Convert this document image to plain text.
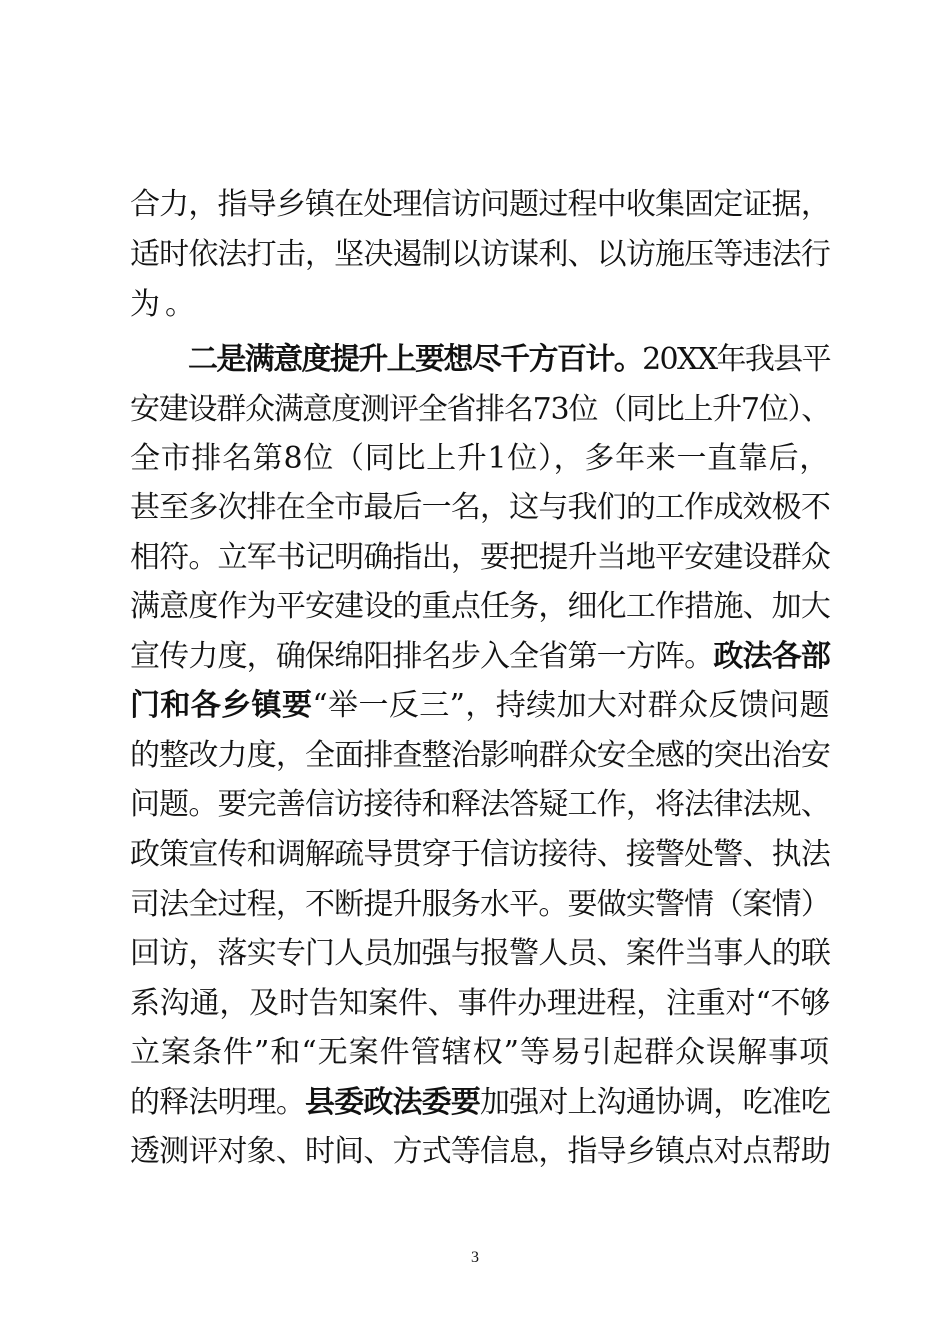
合力，指导乡镇在处理信访问题过程中收集固定证据，
适时依法打击，坚决遏制以访谋利、以访施压等违法行
为。
二是满意度提升上要想尽千方百计。20XX年我县平
安建设群众满意度测评全省排名73位（同比上升7位）、
全市排名第8位（同比上升1位），多年来一直靠后，
甚至多次排在全市最后一名，这与我们的工作成效极不
相符。立军书记明确指出，要把提升当地平安建设群众
满意度作为平安建设的重点任务，细化工作措施、加大
宣传力度，确保绵阳排名步入全省第一方阵。政法各部
门和各乡镇要“举一反三”，持续加大对群众反馈问题
的整改力度，全面排查整治影响群众安全感的突出治安
问题。要完善信访接待和释法答疑工作，将法律法规、
政策宣传和调解疏导贯穿于信访接待、接警处警、执法
司法全过程，不断提升服务水平。要做实警情（案情）
回访，落实专门人员加强与报警人员、案件当事人的联
系沟通，及时告知案件、事件办理进程，注重对“不够
立案条件”和“无案件管辖权”等易引起群众误解事项
的释法明理。县委政法委要加强对上沟通协调，吃准吃
透测评对象、时间、方式等信息，指导乡镇点对点帮助
3
